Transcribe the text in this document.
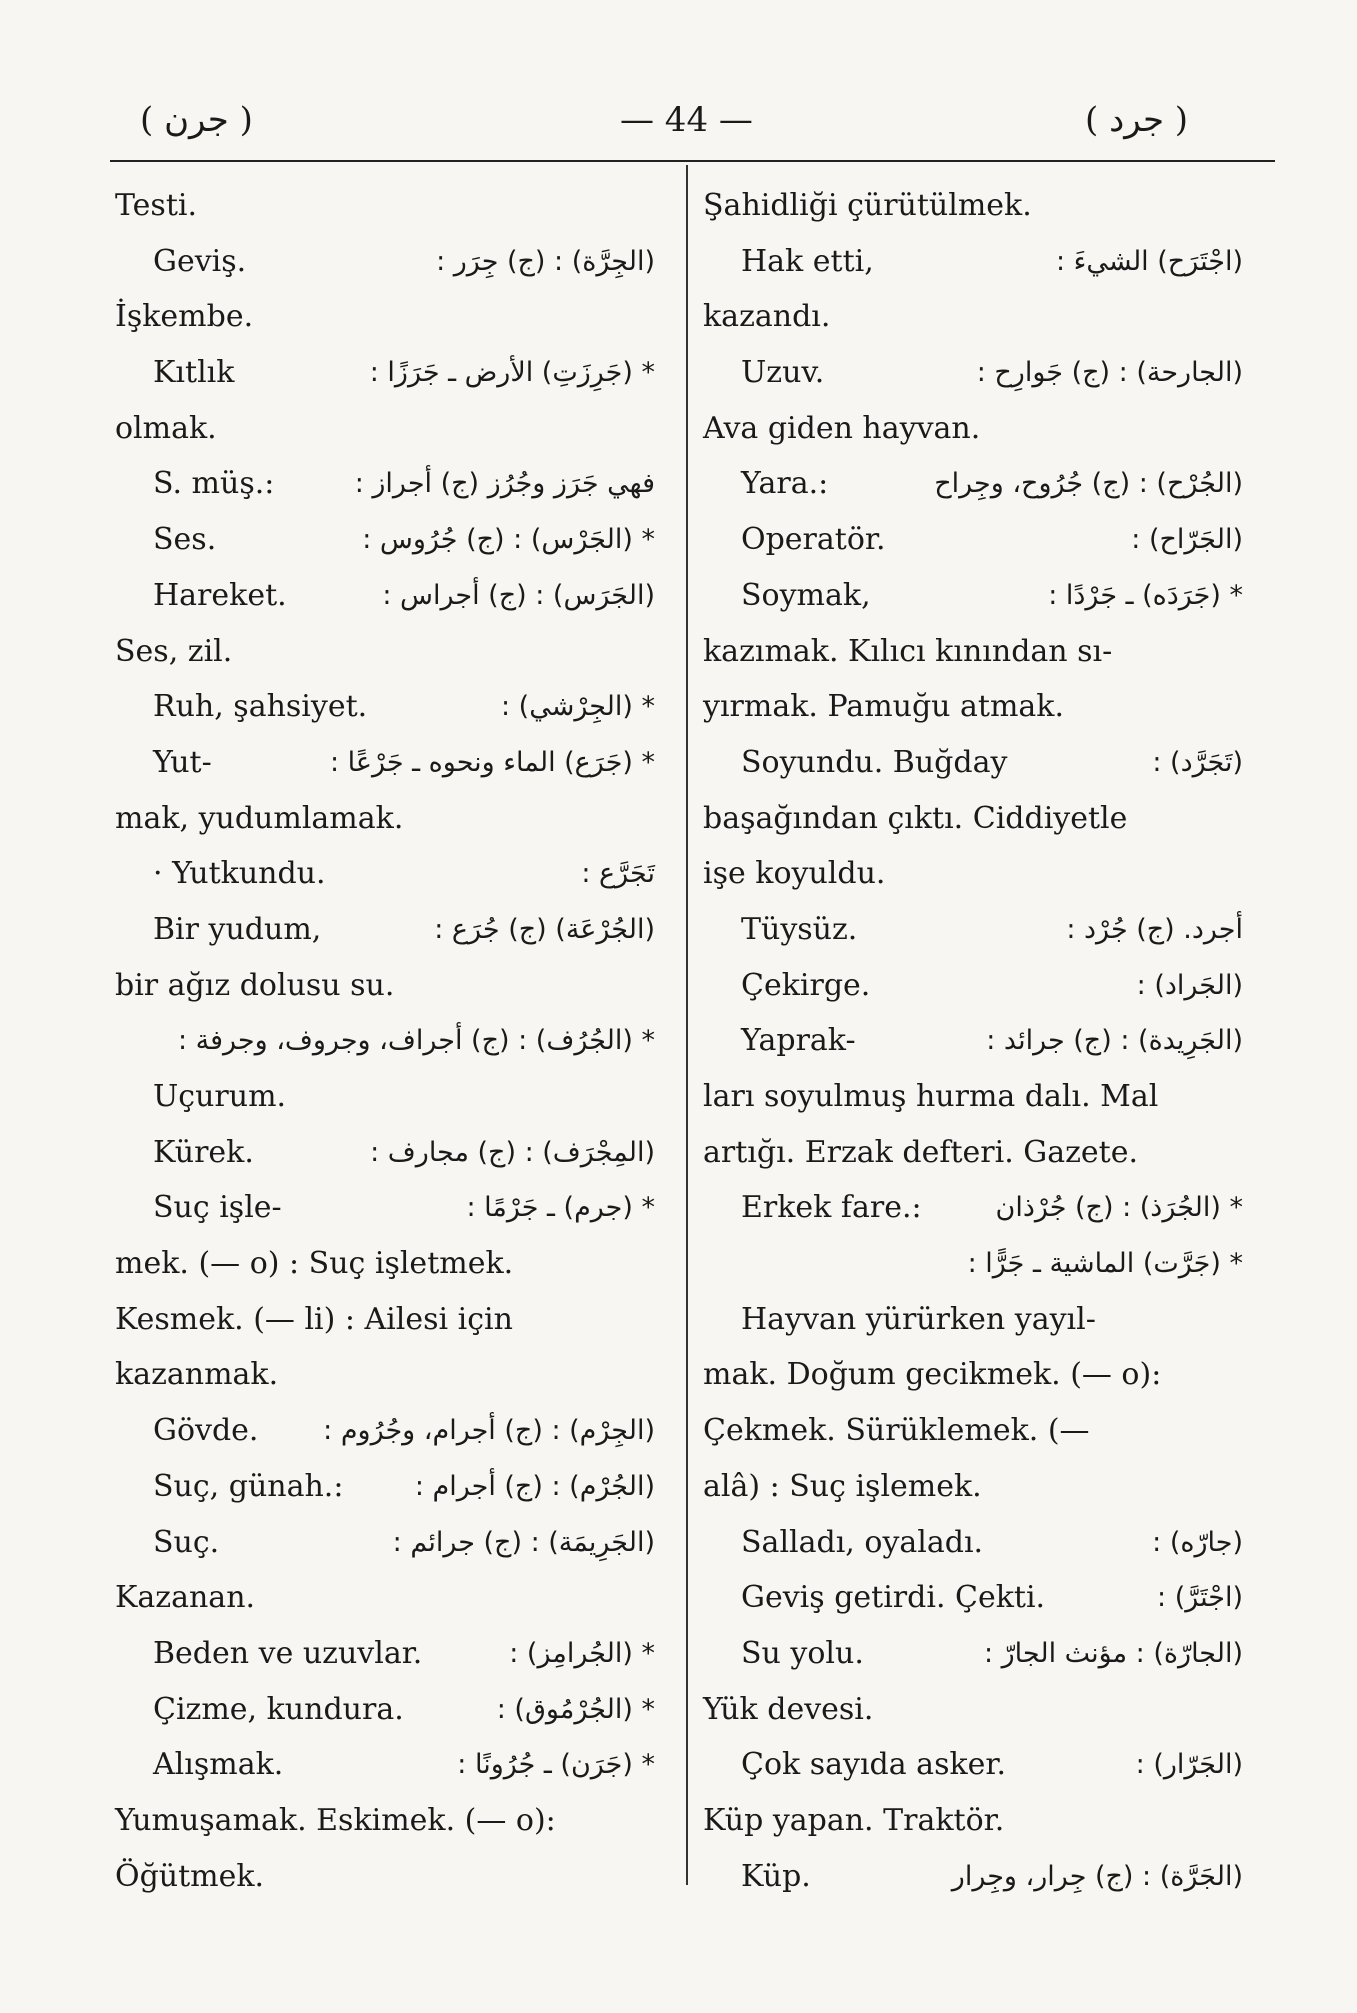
( جرن )	— 44 —	( جرد )
Testi.
Geviş.	(الجِرَّة) : (ج) جِرَر :
İşkembe.
Kıtlık	* (جَرِزَتِ) الأرض ـ جَرَزًا :
olmak.
S. müş.:	فهي جَرَز وجُرُز (ج) أجراز :
Ses.	* (الجَرْس) : (ج) جُرُوس :
Hareket.	(الجَرَس) : (ج) أجراس :
Ses, zil.
Ruh, şahsiyet.	* (الجِرْشي) :
Yut-	* (جَرَع) الماء ونحوه ـ جَرْعًا :
mak, yudumlamak.
· Yutkundu.	تَجَرَّع :
Bir yudum,	(الجُرْعَة) (ج) جُرَع :
bir ağız dolusu su.
* (الجُرُف) : (ج) أجراف، وجروف، وجرفة :
Uçurum.
Kürek.	(المِجْرَف) : (ج) مجارف :
Suç işle-	* (جرم) ـ جَرْمًا :
mek. (— o) : Suç işletmek.
Kesmek. (— li) : Ailesi için
kazanmak.
Gövde. (الجِرْم) : (ج) أجرام، وجُرُوم :
Suç, günah.:	(الجُرْم) : (ج) أجرام :
Suç.	(الجَرِيمَة) : (ج) جرائم :
Kazanan.
Beden ve uzuvlar.	* (الجُرامِز) :
Çizme, kundura.	* (الجُرْمُوق) :
Alışmak.	* (جَرَن) ـ جُرُونًا :
Yumuşamak. Eskimek. (— o):
Öğütmek.
Şahidliği çürütülmek.
Hak etti,	(اجْتَرَح) الشيءَ :
kazandı.
Uzuv.	(الجارحة) : (ج) جَوارِح :
Ava giden hayvan.
Yara.:	(الجُرْح) : (ج) جُرُوح، وجِراح
Operatör.	(الجَرّاح) :
Soymak,	* (جَرَدَه) ـ جَرْدًا :
kazımak. Kılıcı kınından sı-
yırmak. Pamuğu atmak.
Soyundu. Buğday	(تَجَرَّد) :
başağından çıktı. Ciddiyetle
işe koyuldu.
Tüysüz.	أجرد. (ج) جُرْد :
Çekirge.	(الجَراد) :
Yaprak-	(الجَرِيدة) : (ج) جرائد :
ları soyulmuş hurma dalı. Mal
artığı. Erzak defteri. Gazete.
Erkek fare.:	* (الجُرَذ) : (ج) جُرْذان
* (جَرَّت) الماشية ـ جَرًّا :
Hayvan yürürken yayıl-
mak. Doğum gecikmek. (— o):
Çekmek. Sürüklemek. (—
alâ) : Suç işlemek.
Salladı, oyaladı.	(جارّه) :
Geviş getirdi. Çekti.	(اجْتَرَّ) :
Su yolu.	(الجارّة) : مؤنث الجارّ :
Yük devesi.
Çok sayıda asker.	(الجَرّار) :
Küp yapan. Traktör.
Küp.	(الجَرَّة) : (ج) جِرار، وجِرار
